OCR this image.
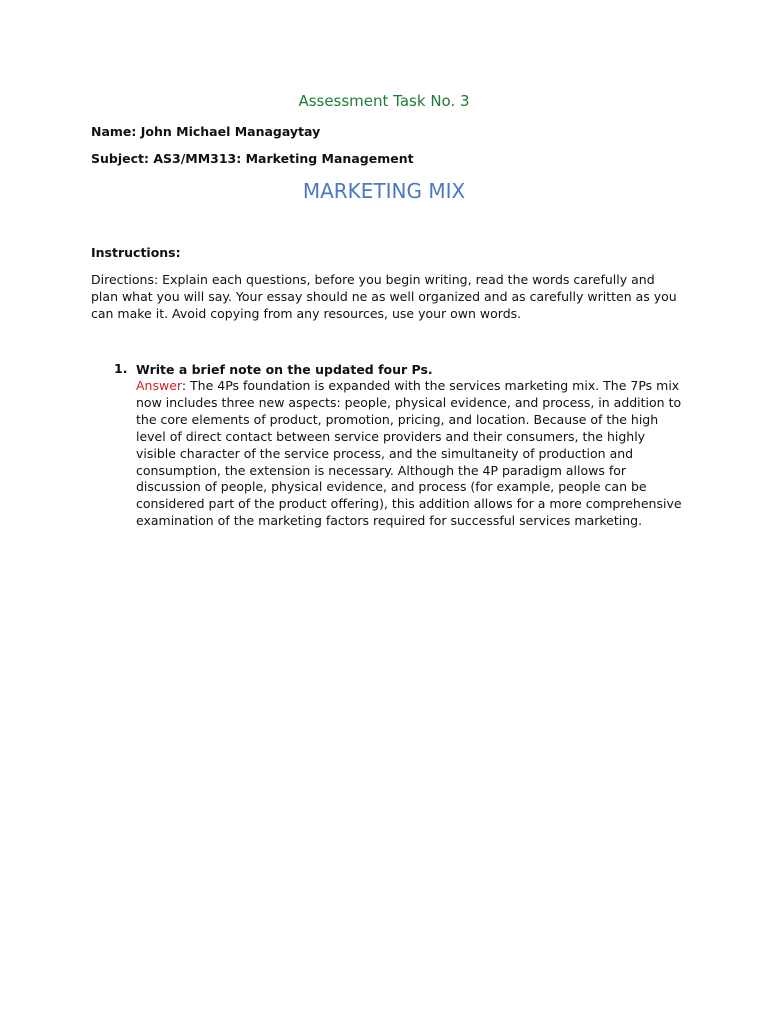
Assessment Task No. 3
Name: John Michael Managaytay
Subject: AS3/MM313: Marketing Management
MARKETING MIX
Instructions:
Directions: Explain each questions, before you begin writing, read the words carefully and plan what you will say. Your essay should ne as well organized and as carefully written as you can make it. Avoid copying from any resources, use your own words.
1. Write a brief note on the updated four Ps.
Answer: The 4Ps foundation is expanded with the services marketing mix. The 7Ps mix now includes three new aspects: people, physical evidence, and process, in addition to the core elements of product, promotion, pricing, and location. Because of the high level of direct contact between service providers and their consumers, the highly visible character of the service process, and the simultaneity of production and consumption, the extension is necessary. Although the 4P paradigm allows for discussion of people, physical evidence, and process (for example, people can be considered part of the product offering), this addition allows for a more comprehensive examination of the marketing factors required for successful services marketing.
